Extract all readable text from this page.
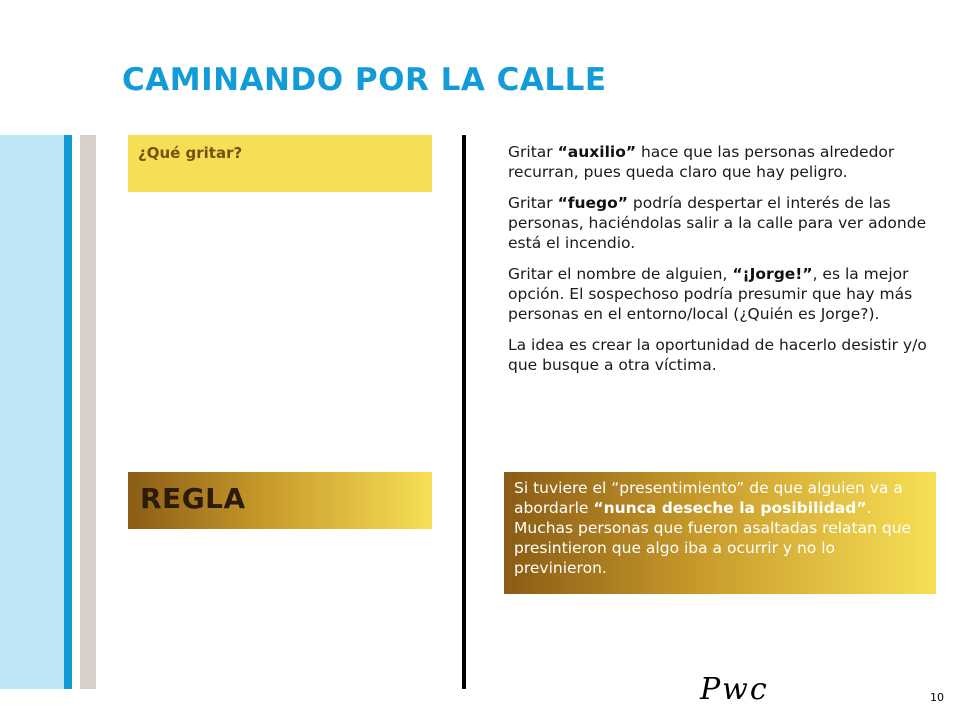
CAMINANDO POR LA CALLE
¿Qué gritar?	Gritar “auxilio” hace que las personas alrededor recurran, pues queda claro que hay peligro.

Gritar “fuego” podría despertar el interés de las personas, haciéndolas salir a la calle para ver adonde está el incendio.

Gritar el nombre de alguien, “¡Jorge!”, es la mejor opción. El sospechoso podría presumir que hay más personas en el entorno/local (¿Quién es Jorge?).

La idea es crear la oportunidad de hacerlo desistir y/o que busque a otra víctima.

REGLA	Si tuviere el “presentimiento” de que alguien va a abordarle “nunca deseche la posibilidad”. Muchas personas que fueron asaltadas relatan que presintieron que algo iba a ocurrir y no lo previnieron.
Pwc	10
